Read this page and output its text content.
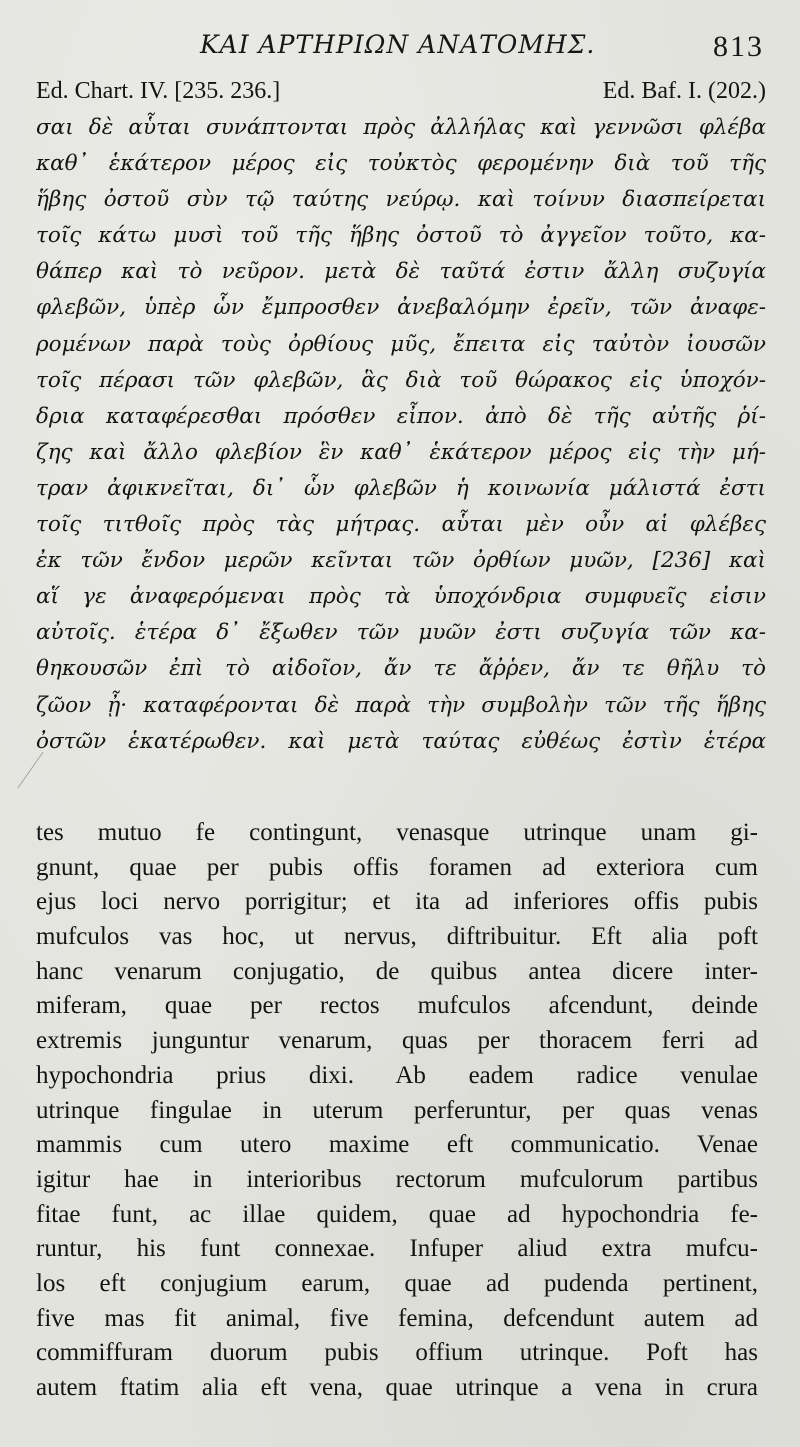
ΚΑΙ ΑΡΤΗΡΙΩΝ ΑΝΑΤΟΜΗΣ.	813
Ed. Chart. IV. [235. 236.]	Ed. Baf. I. (202.)
σαι δὲ αὗται συνάπτονται πρὸς ἀλλήλας καὶ γεννῶσι φλέβα
καθ᾽ ἑκάτερον μέρος εἰς τοὐκτὸς φερομένην διὰ τοῦ τῆς
ἥβης ὀστοῦ σὺν τῷ ταύτης νεύρῳ. καὶ τοίνυν διασπείρεται
τοῖς κάτω μυσὶ τοῦ τῆς ἥβης ὀστοῦ τὸ ἀγγεῖον τοῦτο, κα-
θάπερ καὶ τὸ νεῦρον. μετὰ δὲ ταῦτά ἐστιν ἄλλη συζυγία
φλεβῶν, ὑπὲρ ὧν ἔμπροσθεν ἀνεβαλόμην ἐρεῖν, τῶν ἀναφε-
ρομένων παρὰ τοὺς ὀρθίους μῦς, ἔπειτα εἰς ταὐτὸν ἰουσῶν
τοῖς πέρασι τῶν φλεβῶν, ἃς διὰ τοῦ θώρακος εἰς ὑποχόν-
δρια καταφέρεσθαι πρόσθεν εἶπον. ἀπὸ δὲ τῆς αὐτῆς ῥί-
ζης καὶ ἄλλο φλεβίον ἓν καθ᾽ ἑκάτερον μέρος εἰς τὴν μή-
τραν ἀφικνεῖται, δι᾽ ὧν φλεβῶν ἡ κοινωνία μάλιστά ἐστι
τοῖς τιτθοῖς πρὸς τὰς μήτρας. αὗται μὲν οὖν αἱ φλέβες
ἐκ τῶν ἔνδον μερῶν κεῖνται τῶν ὀρθίων μυῶν, [236] καὶ
αἵ γε ἀναφερόμεναι πρὸς τὰ ὑποχόνδρια συμφυεῖς εἰσιν
αὐτοῖς. ἑτέρα δ᾽ ἔξωθεν τῶν μυῶν ἐστι συζυγία τῶν κα-
θηκουσῶν ἐπὶ τὸ αἰδοῖον, ἄν τε ἄῤῥεν, ἄν τε θῆλυ τὸ
ζῶον ᾖ· καταφέρονται δὲ παρὰ τὴν συμβολὴν τῶν τῆς ἥβης
ὀστῶν ἑκατέρωθεν. καὶ μετὰ ταύτας εὐθέως ἐστὶν ἑτέρα
tes mutuo fe contingunt, venasque utrinque unam gi-
gnunt, quae per pubis offis foramen ad exteriora cum
ejus loci nervo porrigitur; et ita ad inferiores offis pubis
mufculos vas hoc, ut nervus, diftribuitur. Eft alia poft
hanc venarum conjugatio, de quibus antea dicere inter-
miferam, quae per rectos mufculos afcendunt, deinde
extremis junguntur venarum, quas per thoracem ferri ad
hypochondria prius dixi. Ab eadem radice venulae
utrinque fingulae in uterum perferuntur, per quas venas
mammis cum utero maxime eft communicatio. Venae
igitur hae in interioribus rectorum mufculorum partibus
fitae funt, ac illae quidem, quae ad hypochondria fe-
runtur, his funt connexae. Infuper aliud extra mufcu-
los eft conjugium earum, quae ad pudenda pertinent,
five mas fit animal, five femina, defcendunt autem ad
commiffuram duorum pubis offium utrinque. Poft has
autem ftatim alia eft vena, quae utrinque a vena in crura
